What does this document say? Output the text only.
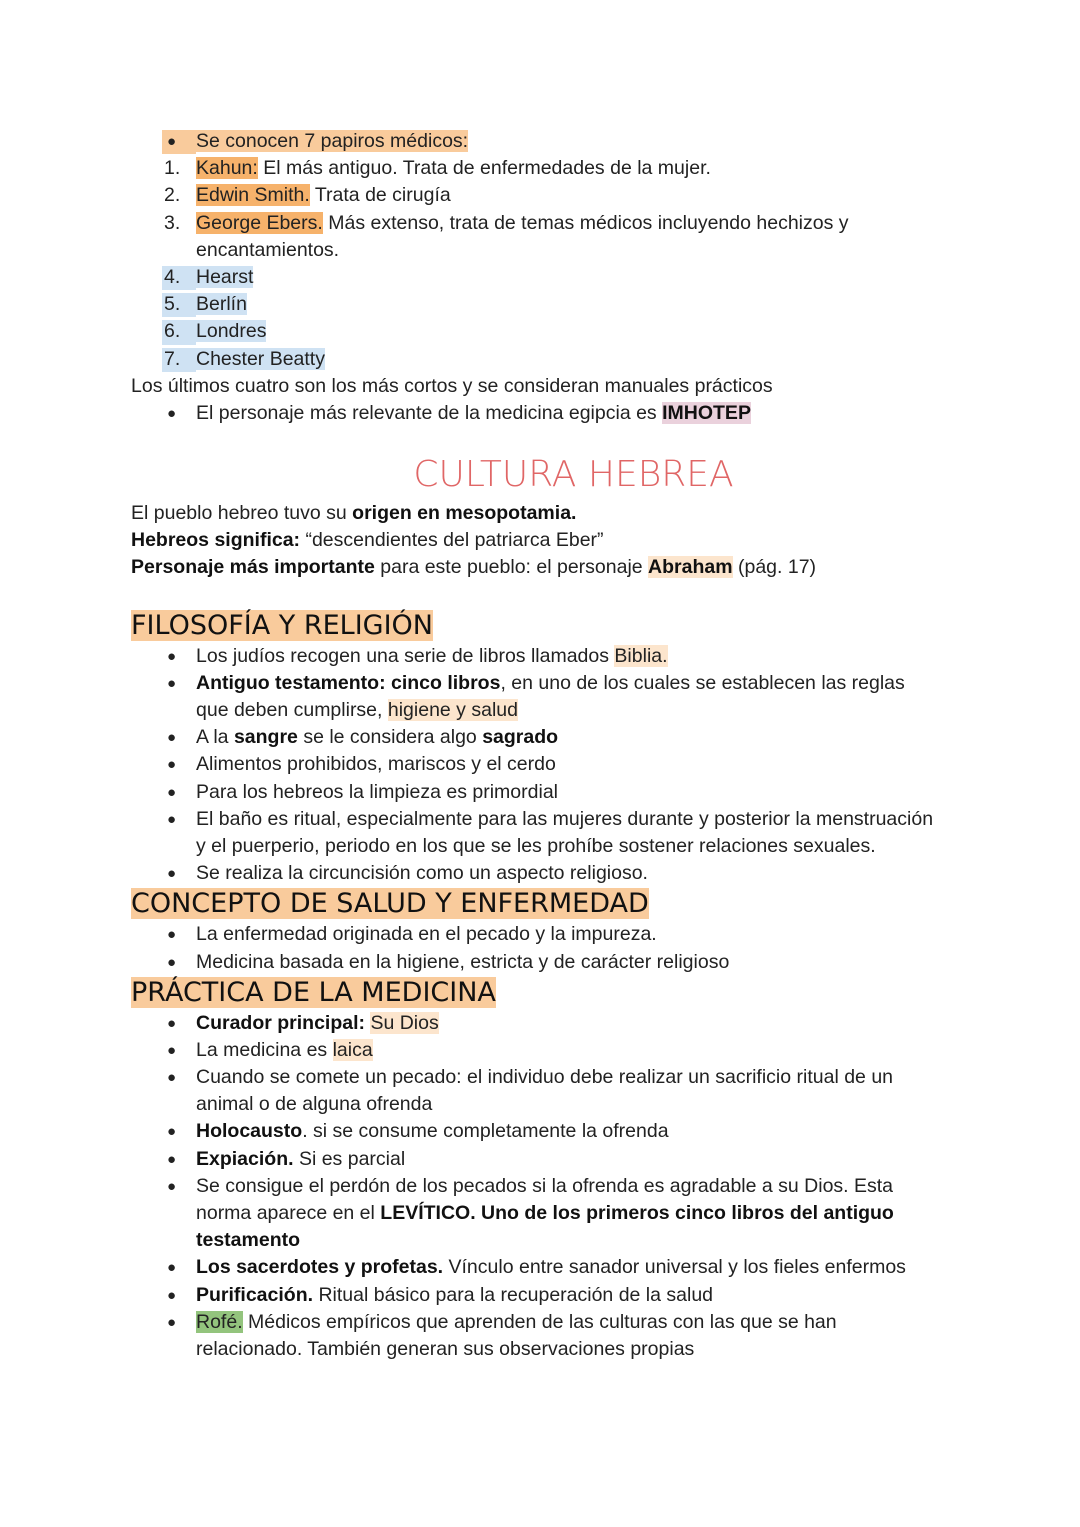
● Se conocen 7 papiros médicos:
1. Kahun: El más antiguo. Trata de enfermedades de la mujer.
2. Edwin Smith. Trata de cirugía
3. George Ebers. Más extenso, trata de temas médicos incluyendo hechizos y
encantamientos.
4. Hearst
5. Berlín
6. Londres
7. Chester Beatty
Los últimos cuatro son los más cortos y se consideran manuales prácticos
● El personaje más relevante de la medicina egipcia es IMHOTEP
CULTURA HEBREA
El pueblo hebreo tuvo su origen en mesopotamia.
Hebreos significa: “descendientes del patriarca Eber”
Personaje más importante para este pueblo: el personaje Abraham (pág. 17)
FILOSOFÍA Y RELIGIÓN
● Los judíos recogen una serie de libros llamados Biblia.
● Antiguo testamento: cinco libros, en uno de los cuales se establecen las reglas
que deben cumplirse, higiene y salud
● A la sangre se le considera algo sagrado
● Alimentos prohibidos, mariscos y el cerdo
● Para los hebreos la limpieza es primordial
● El baño es ritual, especialmente para las mujeres durante y posterior la menstruación
y el puerperio, periodo en los que se les prohíbe sostener relaciones sexuales.
● Se realiza la circuncisión como un aspecto religioso.
CONCEPTO DE SALUD Y ENFERMEDAD
● La enfermedad originada en el pecado y la impureza.
● Medicina basada en la higiene, estricta y de carácter religioso
PRÁCTICA DE LA MEDICINA
● Curador principal: Su Dios
● La medicina es laica
● Cuando se comete un pecado: el individuo debe realizar un sacrificio ritual de un
animal o de alguna ofrenda
● Holocausto. si se consume completamente la ofrenda
● Expiación. Si es parcial
● Se consigue el perdón de los pecados si la ofrenda es agradable a su Dios. Esta
norma aparece en el LEVÍTICO. Uno de los primeros cinco libros del antiguo
testamento
● Los sacerdotes y profetas. Vínculo entre sanador universal y los fieles enfermos
● Purificación. Ritual básico para la recuperación de la salud
● Rofé. Médicos empíricos que aprenden de las culturas con las que se han
relacionado. También generan sus observaciones propias
